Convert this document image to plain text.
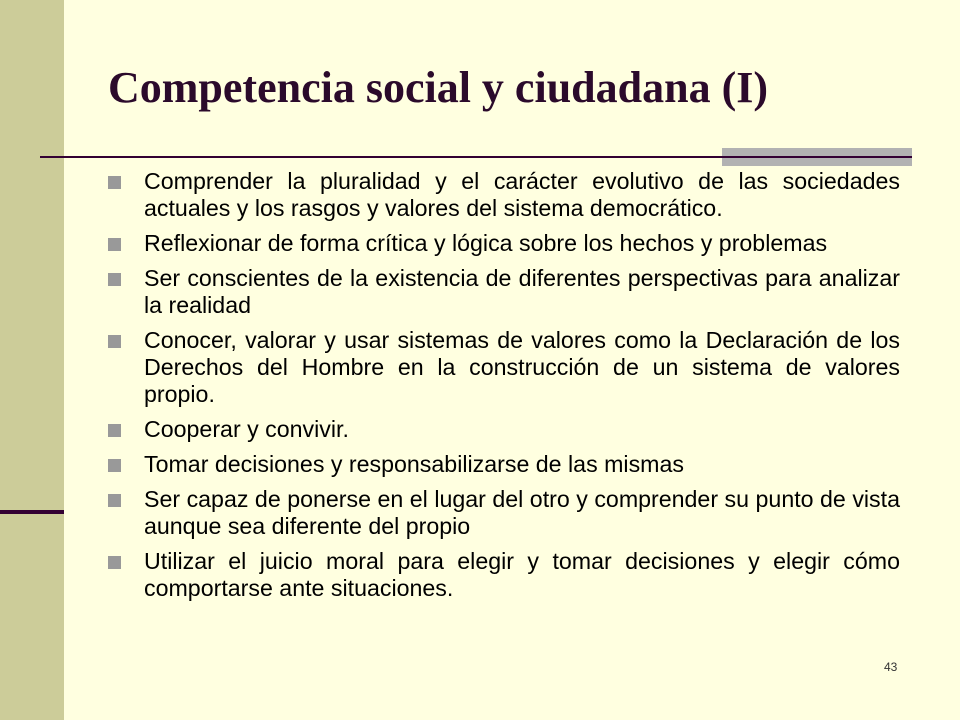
Competencia social y ciudadana (I)
Comprender la pluralidad y el carácter evolutivo de las sociedades actuales y los rasgos y valores del sistema democrático.
Reflexionar de forma crítica y lógica sobre los hechos y problemas
Ser conscientes de la existencia de diferentes perspectivas para analizar la realidad
Conocer, valorar y usar sistemas de valores como la Declaración de los Derechos del Hombre en la construcción de un sistema de valores propio.
Cooperar y convivir.
Tomar decisiones y responsabilizarse de las mismas
Ser capaz de ponerse en el lugar del otro y comprender su punto de vista aunque sea diferente del propio
Utilizar el juicio moral para elegir y tomar decisiones y elegir cómo comportarse ante situaciones.
43
